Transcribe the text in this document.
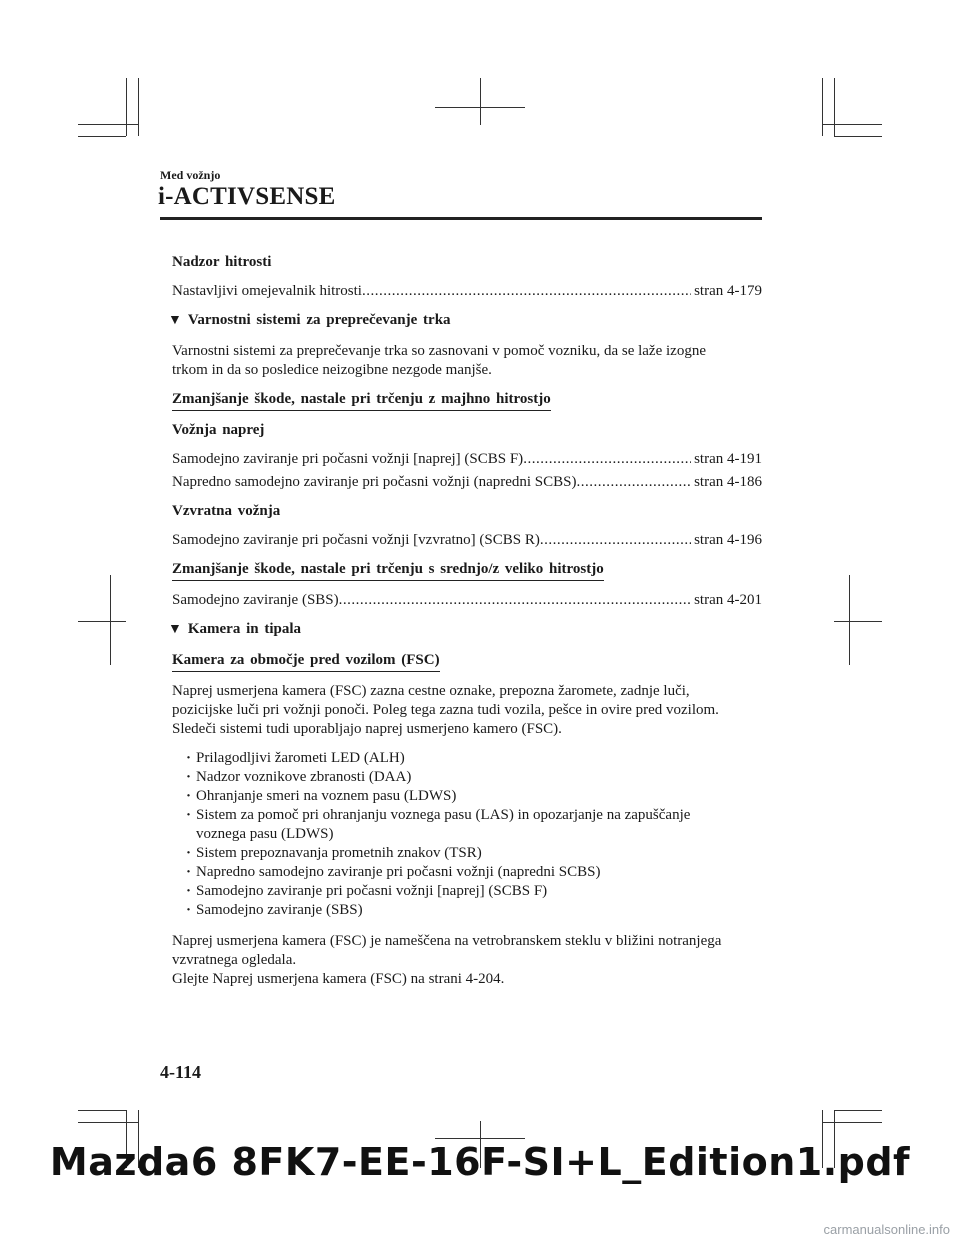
Med vožnjo
i-ACTIVSENSE
Nadzor hitrosti
Nastavljivi omejevalnik hitrosti .....	stran 4-179
▼ Varnostni sistemi za preprečevanje trka
Varnostni sistemi za preprečevanje trka so zasnovani v pomoč vozniku, da se laže izogne
trkom in da so posledice neizogibne nezgode manjše.
Zmanjšanje škode, nastale pri trčenju z majhno hitrostjo
Vožnja naprej
Samodejno zaviranje pri počasni vožnji [naprej] (SCBS F) .....	stran 4-191
Napredno samodejno zaviranje pri počasni vožnji (napredni SCBS) .....	stran 4-186
Vzvratna vožnja
Samodejno zaviranje pri počasni vožnji [vzvratno] (SCBS R) .....	stran 4-196
Zmanjšanje škode, nastale pri trčenju s srednjo/z veliko hitrostjo
Samodejno zaviranje (SBS) .....	stran 4-201
▼ Kamera in tipala
Kamera za območje pred vozilom (FSC)
Naprej usmerjena kamera (FSC) zazna cestne oznake, prepozna žaromete, zadnje luči,
pozicijske luči pri vožnji ponoči. Poleg tega zazna tudi vozila, pešce in ovire pred vozilom.
Sledeči sistemi tudi uporabljajo naprej usmerjeno kamero (FSC).
· Prilagodljivi žarometi LED (ALH)
· Nadzor voznikove zbranosti (DAA)
· Ohranjanje smeri na voznem pasu (LDWS)
· Sistem za pomoč pri ohranjanju voznega pasu (LAS) in opozarjanje na zapuščanje
voznega pasu (LDWS)
· Sistem prepoznavanja prometnih znakov (TSR)
· Napredno samodejno zaviranje pri počasni vožnji (napredni SCBS)
· Samodejno zaviranje pri počasni vožnji [naprej] (SCBS F)
· Samodejno zaviranje (SBS)
Naprej usmerjena kamera (FSC) je nameščena na vetrobranskem steklu v bližini notranjega
vzvratnega ogledala.
Glejte Naprej usmerjena kamera (FSC) na strani 4-204.
4-114
Mazda6 8FK7-EE-16F-SI+L_Edition1.pdf
carmanualsonline.info
